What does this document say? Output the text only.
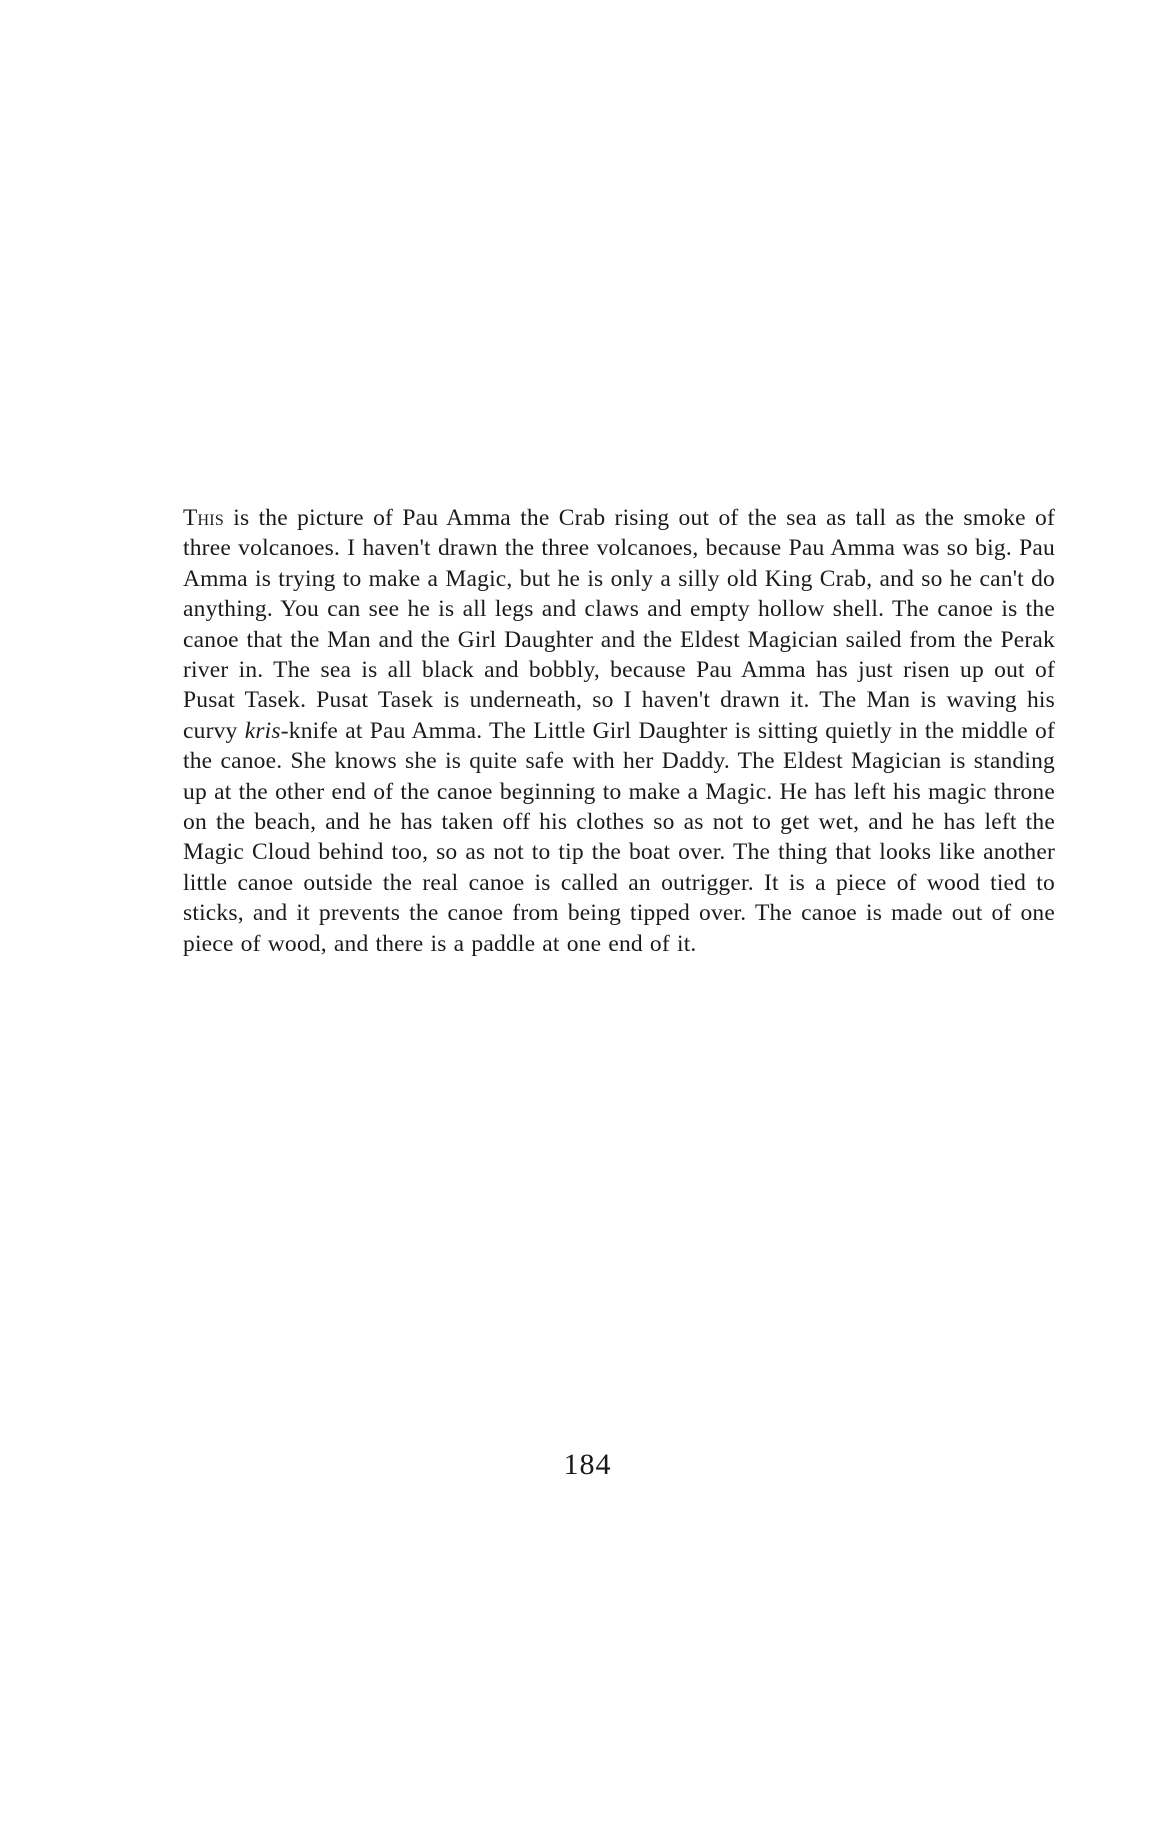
This is the picture of Pau Amma the Crab rising out of the sea as tall as the smoke of three volcanoes. I haven't drawn the three volcanoes, because Pau Amma was so big. Pau Amma is trying to make a Magic, but he is only a silly old King Crab, and so he can't do anything. You can see he is all legs and claws and empty hollow shell. The canoe is the canoe that the Man and the Girl Daughter and the Eldest Magician sailed from the Perak river in. The sea is all black and bobbly, because Pau Amma has just risen up out of Pusat Tasek. Pusat Tasek is underneath, so I haven't drawn it. The Man is waving his curvy kris-knife at Pau Amma. The Little Girl Daughter is sitting quietly in the middle of the canoe. She knows she is quite safe with her Daddy. The Eldest Magician is standing up at the other end of the canoe beginning to make a Magic. He has left his magic throne on the beach, and he has taken off his clothes so as not to get wet, and he has left the Magic Cloud behind too, so as not to tip the boat over. The thing that looks like another little canoe outside the real canoe is called an outrigger. It is a piece of wood tied to sticks, and it prevents the canoe from being tipped over. The canoe is made out of one piece of wood, and there is a paddle at one end of it.

184
